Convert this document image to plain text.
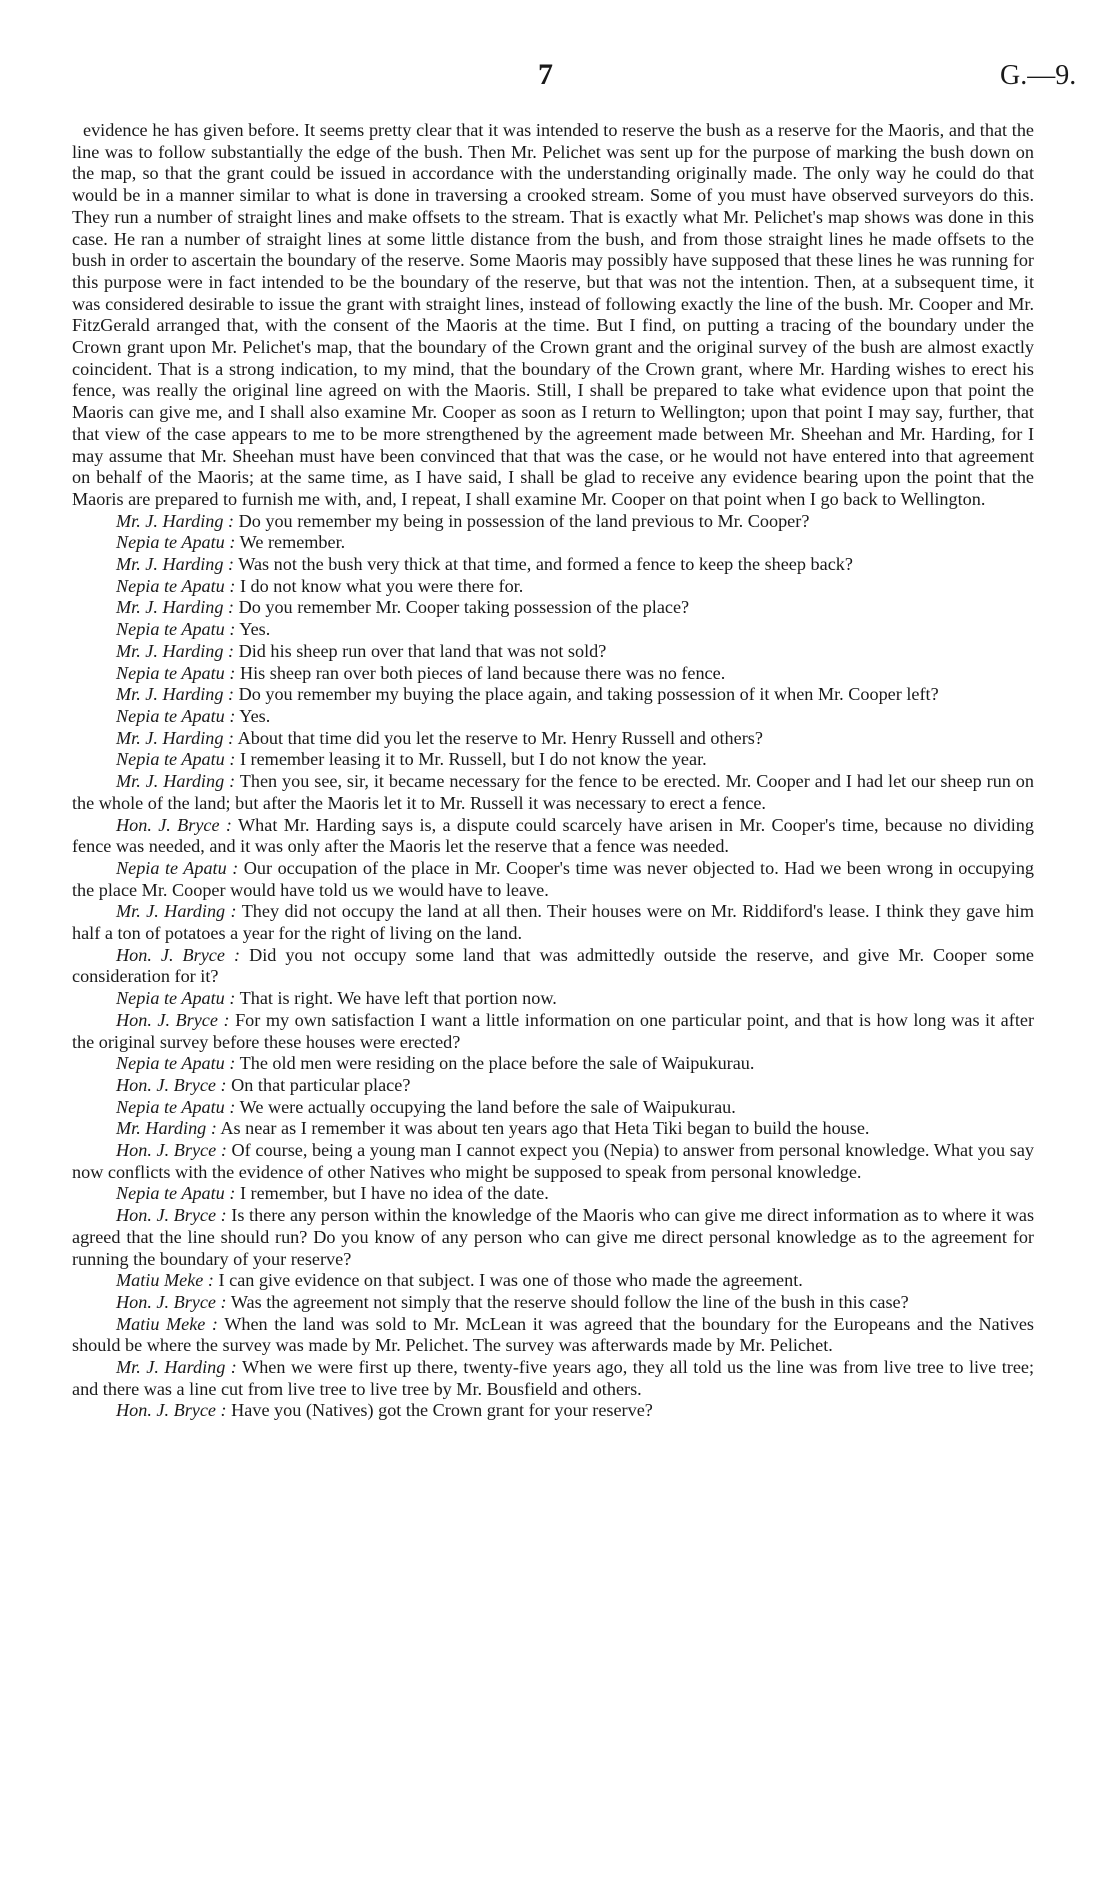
7	G.—9.

evidence he has given before. It seems pretty clear that it was intended to reserve the bush as a reserve for the Maoris, and that the line was to follow substantially the edge of the bush. Then Mr. Pelichet was sent up for the purpose of marking the bush down on the map, so that the grant could be issued in accordance with the understanding originally made. The only way he could do that would be in a manner similar to what is done in traversing a crooked stream. Some of you must have observed surveyors do this. They run a number of straight lines and make offsets to the stream. That is exactly what Mr. Pelichet's map shows was done in this case. He ran a number of straight lines at some little distance from the bush, and from those straight lines he made offsets to the bush in order to ascertain the boundary of the reserve. Some Maoris may possibly have supposed that these lines he was running for this purpose were in fact intended to be the boundary of the reserve, but that was not the intention. Then, at a subsequent time, it was considered desirable to issue the grant with straight lines, instead of following exactly the line of the bush. Mr. Cooper and Mr. FitzGerald arranged that, with the consent of the Maoris at the time. But I find, on putting a tracing of the boundary under the Crown grant upon Mr. Pelichet's map, that the boundary of the Crown grant and the original survey of the bush are almost exactly coincident. That is a strong indication, to my mind, that the boundary of the Crown grant, where Mr. Harding wishes to erect his fence, was really the original line agreed on with the Maoris. Still, I shall be prepared to take what evidence upon that point the Maoris can give me, and I shall also examine Mr. Cooper as soon as I return to Wellington; upon that point I may say, further, that that view of the case appears to me to be more strengthened by the agreement made between Mr. Sheehan and Mr. Harding, for I may assume that Mr. Sheehan must have been convinced that that was the case, or he would not have entered into that agreement on behalf of the Maoris; at the same time, as I have said, I shall be glad to receive any evidence bearing upon the point that the Maoris are prepared to furnish me with, and, I repeat, I shall examine Mr. Cooper on that point when I go back to Wellington.

Mr. J. Harding : Do you remember my being in possession of the land previous to Mr. Cooper?

Nepia te Apatu : We remember.

Mr. J. Harding : Was not the bush very thick at that time, and formed a fence to keep the sheep back?

Nepia te Apatu : I do not know what you were there for.

Mr. J. Harding : Do you remember Mr. Cooper taking possession of the place?

Nepia te Apatu : Yes.

Mr. J. Harding : Did his sheep run over that land that was not sold?

Nepia te Apatu : His sheep ran over both pieces of land because there was no fence.

Mr. J. Harding : Do you remember my buying the place again, and taking possession of it when Mr. Cooper left?

Nepia te Apatu : Yes.

Mr. J. Harding : About that time did you let the reserve to Mr. Henry Russell and others?

Nepia te Apatu : I remember leasing it to Mr. Russell, but I do not know the year.

Mr. J. Harding : Then you see, sir, it became necessary for the fence to be erected. Mr. Cooper and I had let our sheep run on the whole of the land; but after the Maoris let it to Mr. Russell it was necessary to erect a fence.

Hon. J. Bryce : What Mr. Harding says is, a dispute could scarcely have arisen in Mr. Cooper's time, because no dividing fence was needed, and it was only after the Maoris let the reserve that a fence was needed.

Nepia te Apatu : Our occupation of the place in Mr. Cooper's time was never objected to. Had we been wrong in occupying the place Mr. Cooper would have told us we would have to leave.

Mr. J. Harding : They did not occupy the land at all then. Their houses were on Mr. Riddiford's lease. I think they gave him half a ton of potatoes a year for the right of living on the land.

Hon. J. Bryce : Did you not occupy some land that was admittedly outside the reserve, and give Mr. Cooper some consideration for it?

Nepia te Apatu : That is right. We have left that portion now.

Hon. J. Bryce : For my own satisfaction I want a little information on one particular point, and that is how long was it after the original survey before these houses were erected?

Nepia te Apatu : The old men were residing on the place before the sale of Waipukurau.

Hon. J. Bryce : On that particular place?

Nepia te Apatu : We were actually occupying the land before the sale of Waipukurau.

Mr. Harding : As near as I remember it was about ten years ago that Heta Tiki began to build the house.

Hon. J. Bryce : Of course, being a young man I cannot expect you (Nepia) to answer from personal knowledge. What you say now conflicts with the evidence of other Natives who might be supposed to speak from personal knowledge.

Nepia te Apatu : I remember, but I have no idea of the date.

Hon. J. Bryce : Is there any person within the knowledge of the Maoris who can give me direct information as to where it was agreed that the line should run? Do you know of any person who can give me direct personal knowledge as to the agreement for running the boundary of your reserve?

Matiu Meke : I can give evidence on that subject. I was one of those who made the agreement.

Hon. J. Bryce : Was the agreement not simply that the reserve should follow the line of the bush in this case?

Matiu Meke : When the land was sold to Mr. McLean it was agreed that the boundary for the Europeans and the Natives should be where the survey was made by Mr. Pelichet. The survey was afterwards made by Mr. Pelichet.

Mr. J. Harding : When we were first up there, twenty-five years ago, they all told us the line was from live tree to live tree; and there was a line cut from live tree to live tree by Mr. Bousfield and others.

Hon. J. Bryce : Have you (Natives) got the Crown grant for your reserve?
